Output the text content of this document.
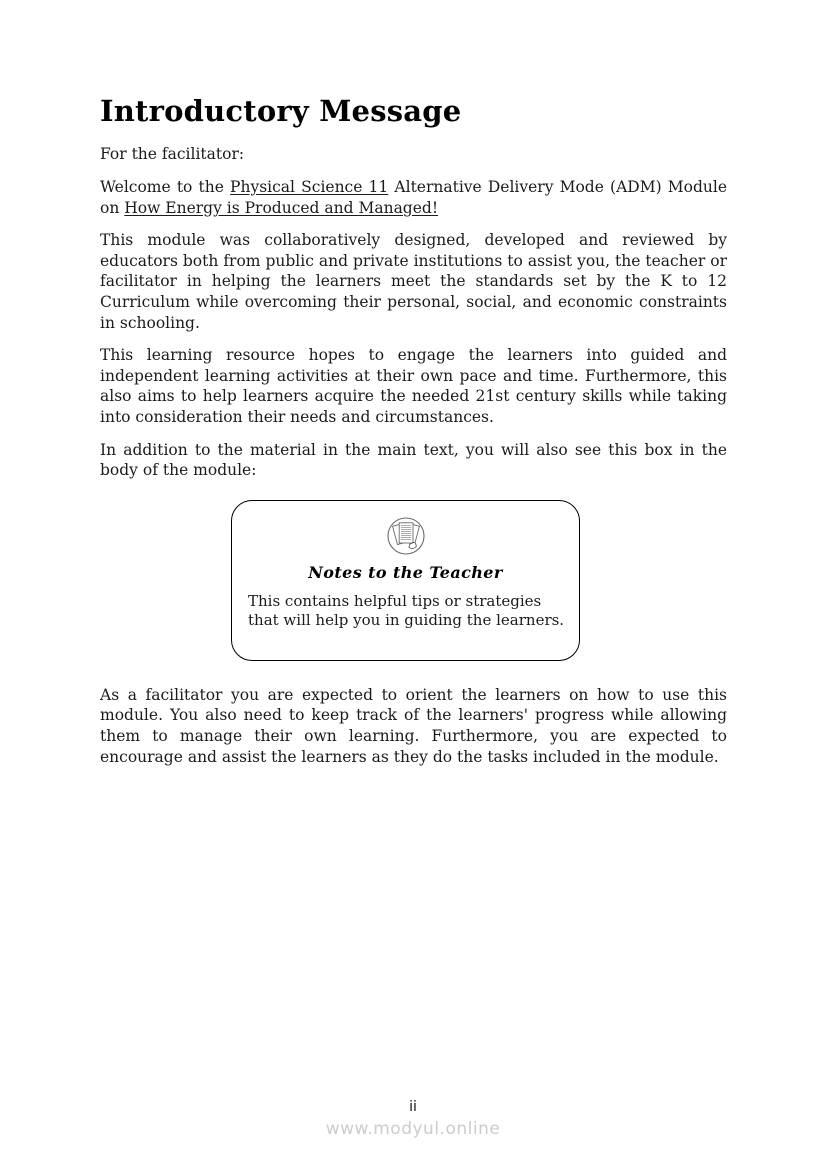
Introductory Message

For the facilitator:

Welcome to the Physical Science 11 Alternative Delivery Mode (ADM) Module on How Energy is Produced and Managed!

This module was collaboratively designed, developed and reviewed by educators both from public and private institutions to assist you, the teacher or facilitator in helping the learners meet the standards set by the K to 12 Curriculum while overcoming their personal, social, and economic constraints in schooling.

This learning resource hopes to engage the learners into guided and independent learning activities at their own pace and time. Furthermore, this also aims to help learners acquire the needed 21st century skills while taking into consideration their needs and circumstances.

In addition to the material in the main text, you will also see this box in the body of the module:

Notes to the Teacher

This contains helpful tips or strategies that will help you in guiding the learners.

As a facilitator you are expected to orient the learners on how to use this module. You also need to keep track of the learners' progress while allowing them to manage their own learning. Furthermore, you are expected to encourage and assist the learners as they do the tasks included in the module.

ii
www.modyul.online
